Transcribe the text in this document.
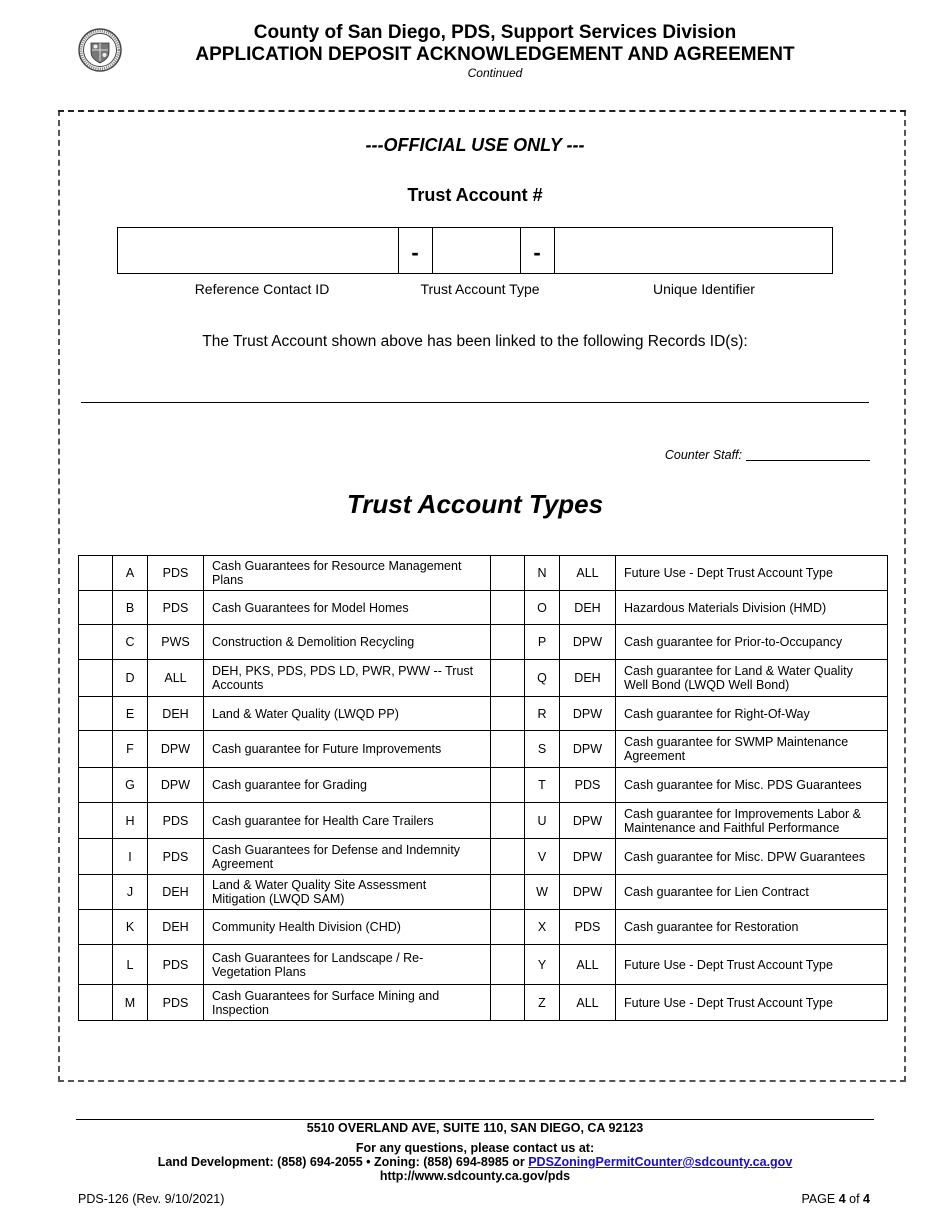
County of San Diego, PDS, Support Services Division
APPLICATION DEPOSIT ACKNOWLEDGEMENT AND AGREEMENT
Continued
---OFFICIAL USE ONLY ---
Trust Account #
-	-
Reference Contact ID	Trust Account Type	Unique Identifier
The Trust Account shown above has been linked to the following Records ID(s):
Counter Staff:
Trust Account Types
	A	PDS	Cash Guarantees for Resource Management Plans		N	ALL	Future Use - Dept Trust Account Type
	B	PDS	Cash Guarantees for Model Homes		O	DEH	Hazardous Materials Division (HMD)
	C	PWS	Construction & Demolition Recycling		P	DPW	Cash guarantee for Prior-to-Occupancy
	D	ALL	DEH, PKS, PDS, PDS LD, PWR, PWW -- Trust Accounts		Q	DEH	Cash guarantee for Land & Water Quality Well Bond (LWQD Well Bond)
	E	DEH	Land & Water Quality (LWQD PP)		R	DPW	Cash guarantee for Right-Of-Way
	F	DPW	Cash guarantee for Future Improvements		S	DPW	Cash guarantee for SWMP Maintenance Agreement
	G	DPW	Cash guarantee for Grading		T	PDS	Cash guarantee for Misc. PDS Guarantees
	H	PDS	Cash guarantee for Health Care Trailers		U	DPW	Cash guarantee for Improvements Labor & Maintenance and Faithful Performance
	I	PDS	Cash Guarantees for Defense and Indemnity Agreement		V	DPW	Cash guarantee for Misc. DPW Guarantees
	J	DEH	Land & Water Quality Site Assessment Mitigation (LWQD SAM)		W	DPW	Cash guarantee for Lien Contract
	K	DEH	Community Health Division (CHD)		X	PDS	Cash guarantee for Restoration
	L	PDS	Cash Guarantees for Landscape / Re-Vegetation Plans		Y	ALL	Future Use - Dept Trust Account Type
	M	PDS	Cash Guarantees for Surface Mining and Inspection		Z	ALL	Future Use - Dept Trust Account Type
5510 OVERLAND AVE, SUITE 110, SAN DIEGO, CA 92123
For any questions, please contact us at:
Land Development: (858) 694-2055 • Zoning: (858) 694-8985 or PDSZoningPermitCounter@sdcounty.ca.gov
http://www.sdcounty.ca.gov/pds
PDS-126 (Rev. 9/10/2021)	PAGE 4 of 4
